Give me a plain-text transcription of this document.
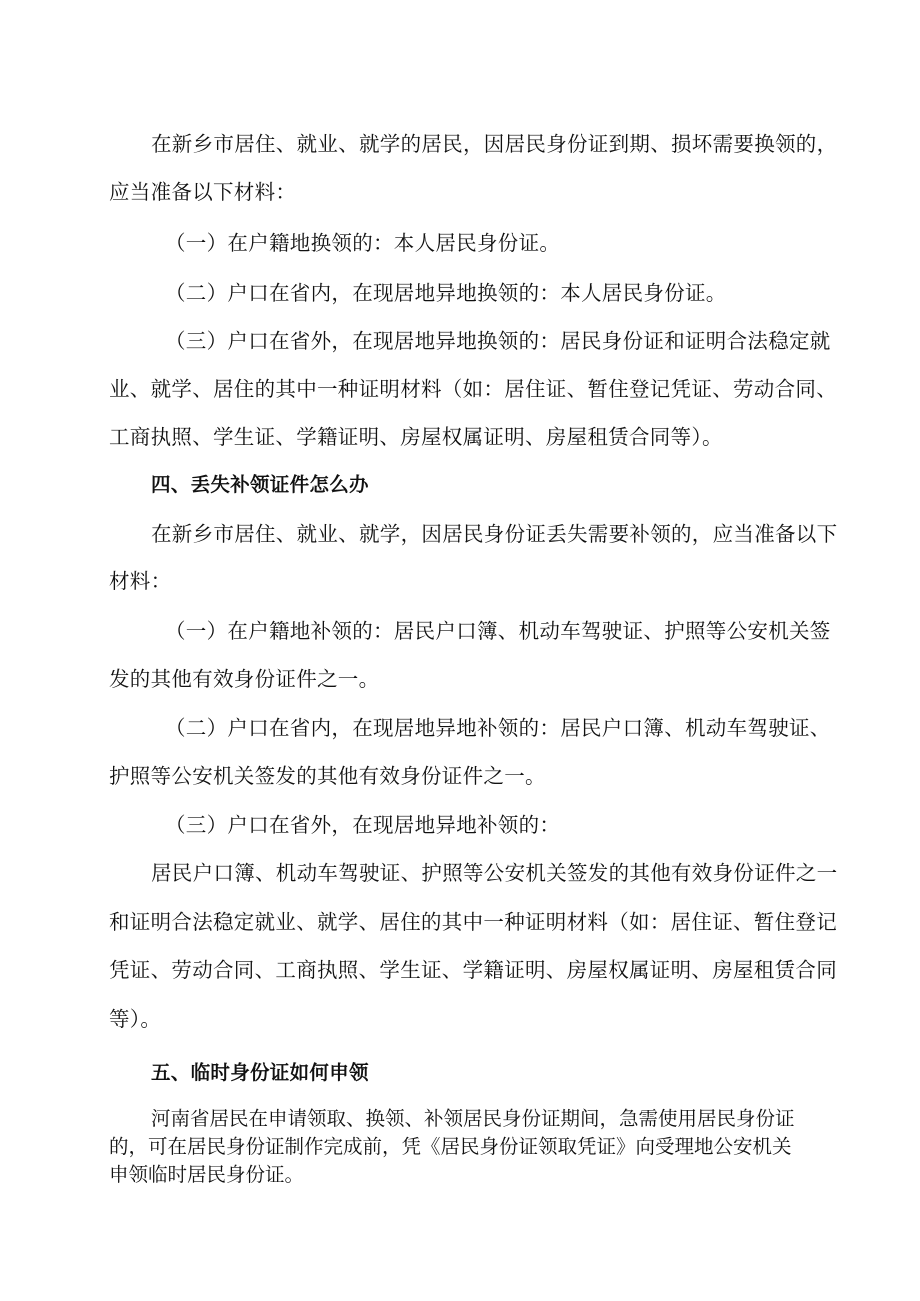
在新乡市居住、就业、就学的居民，因居民身份证到期、损坏需要换领的，
应当准备以下材料：
（一）在户籍地换领的：本人居民身份证。
（二）户口在省内，在现居地异地换领的：本人居民身份证。
（三）户口在省外，在现居地异地换领的：居民身份证和证明合法稳定就
业、就学、居住的其中一种证明材料（如：居住证、暂住登记凭证、劳动合同、
工商执照、学生证、学籍证明、房屋权属证明、房屋租赁合同等）。
四、丢失补领证件怎么办
在新乡市居住、就业、就学，因居民身份证丢失需要补领的，应当准备以下
材料：
（一）在户籍地补领的：居民户口簿、机动车驾驶证、护照等公安机关签
发的其他有效身份证件之一。
（二）户口在省内，在现居地异地补领的：居民户口簿、机动车驾驶证、
护照等公安机关签发的其他有效身份证件之一。
（三）户口在省外，在现居地异地补领的：
居民户口簿、机动车驾驶证、护照等公安机关签发的其他有效身份证件之一
和证明合法稳定就业、就学、居住的其中一种证明材料（如：居住证、暂住登记
凭证、劳动合同、工商执照、学生证、学籍证明、房屋权属证明、房屋租赁合同
等）。
五、临时身份证如何申领
河南省居民在申请领取、换领、补领居民身份证期间，急需使用居民身份证
的，可在居民身份证制作完成前，凭《居民身份证领取凭证》向受理地公安机关
申领临时居民身份证。
